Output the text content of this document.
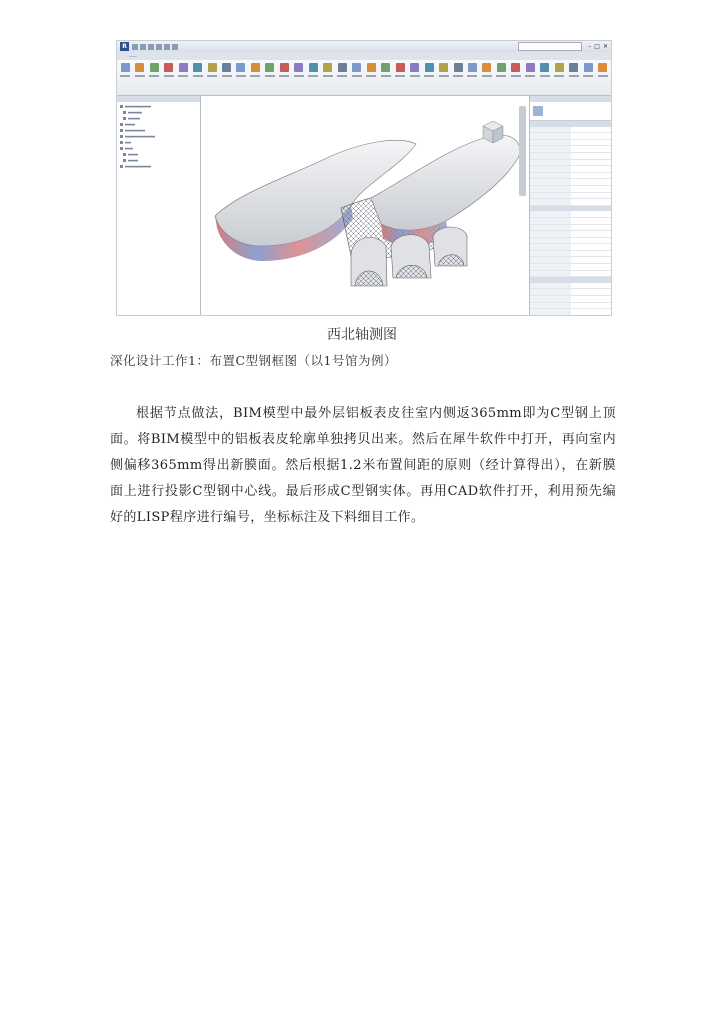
R	– □ ✕
西北轴测图
深化设计工作1：布置C型钢框图（以1号馆为例）
根据节点做法，BIM模型中最外层铝板表皮往室内侧返365mm即为C型钢上顶面。将BIM模型中的铝板表皮轮廓单独拷贝出来。然后在犀牛软件中打开，再向室内侧偏移365mm得出新膜面。然后根据1.2米布置间距的原则（经计算得出），在新膜面上进行投影C型钢中心线。最后形成C型钢实体。再用CAD软件打开，利用预先编好的LISP程序进行编号，坐标标注及下料细目工作。
